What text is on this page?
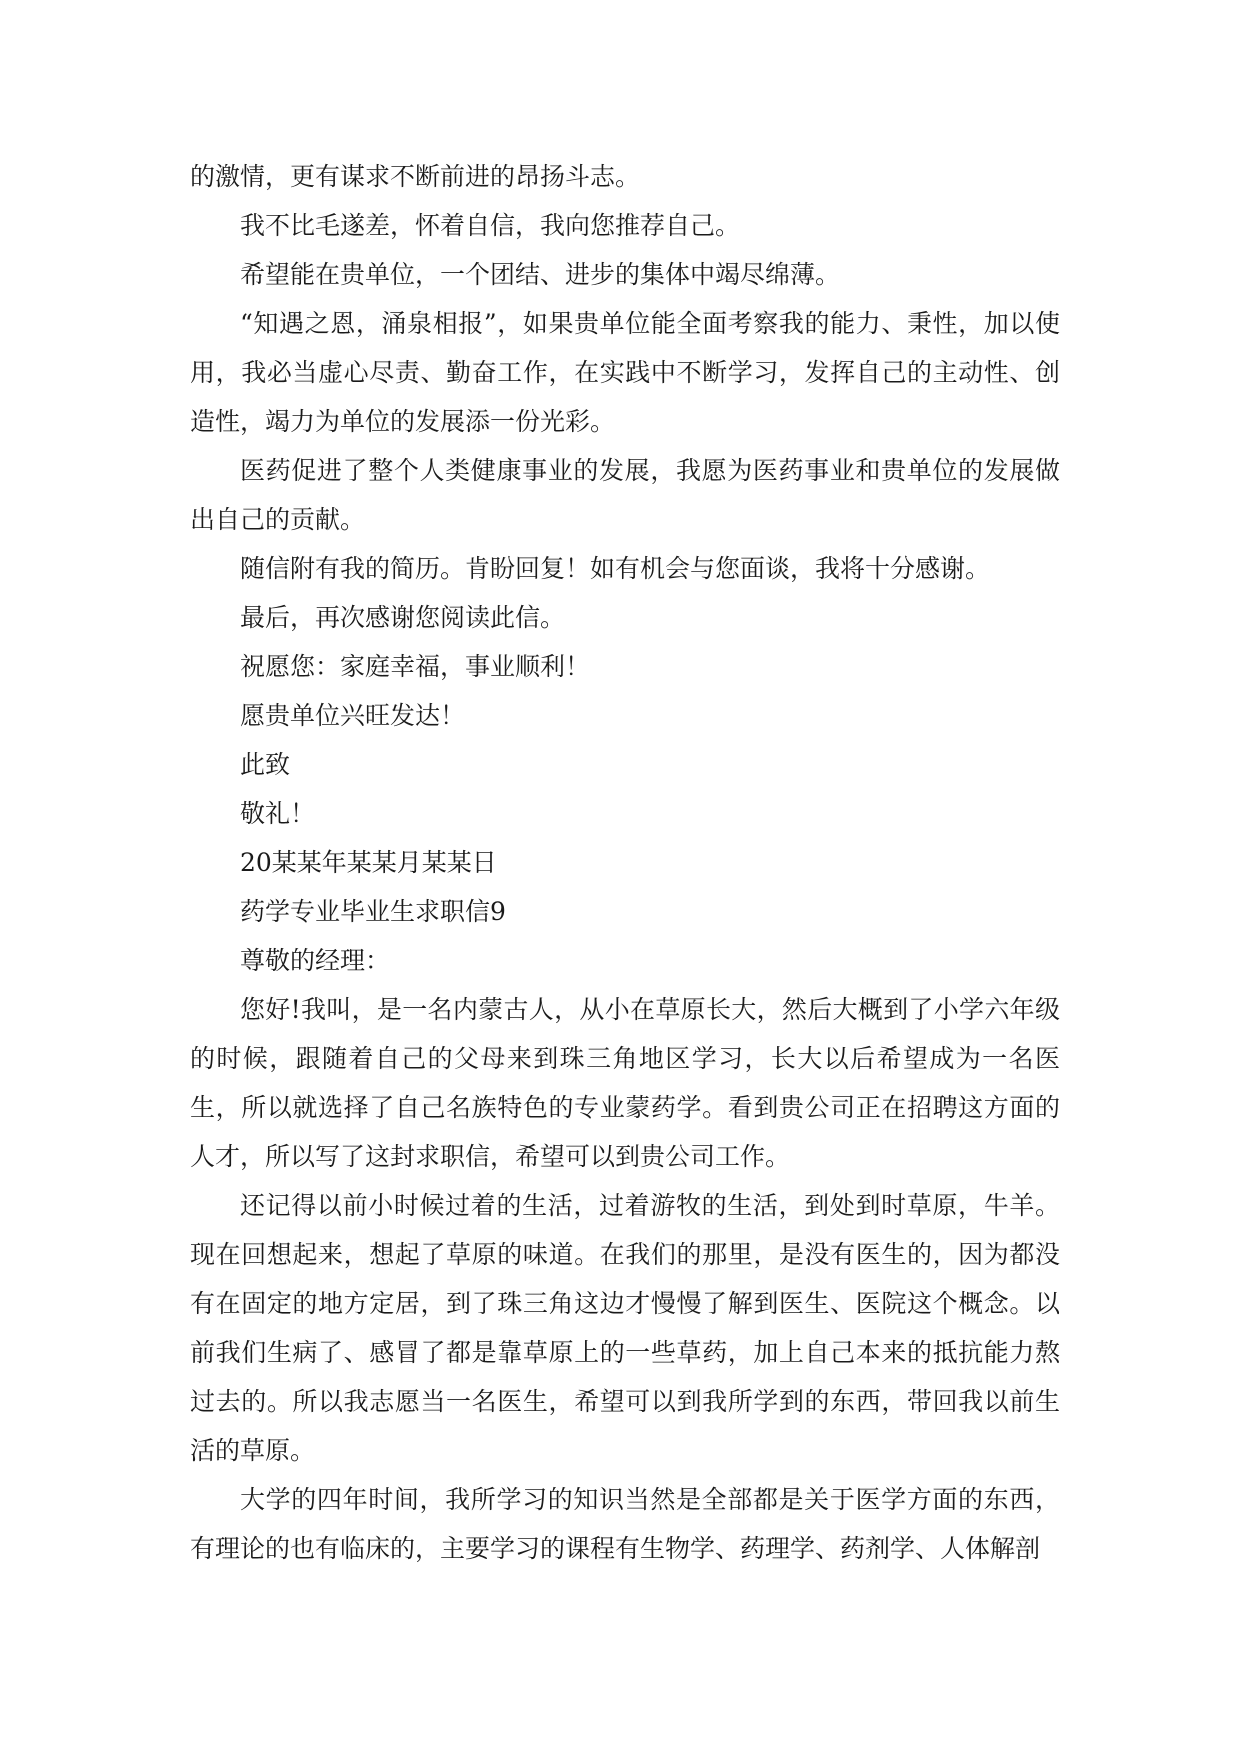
的激情，更有谋求不断前进的昂扬斗志。

我不比毛遂差，怀着自信，我向您推荐自己。

希望能在贵单位，一个团结、进步的集体中竭尽绵薄。

“知遇之恩，涌泉相报”，如果贵单位能全面考察我的能力、秉性，加以使用，我必当虚心尽责、勤奋工作，在实践中不断学习，发挥自己的主动性、创造性，竭力为单位的发展添一份光彩。

医药促进了整个人类健康事业的发展，我愿为医药事业和贵单位的发展做出自己的贡献。

随信附有我的简历。肯盼回复！如有机会与您面谈，我将十分感谢。

最后，再次感谢您阅读此信。

祝愿您：家庭幸福，事业顺利！

愿贵单位兴旺发达！

此致

敬礼！

20某某年某某月某某日

药学专业毕业生求职信9

尊敬的经理：

您好!我叫，是一名内蒙古人，从小在草原长大，然后大概到了小学六年级的时候，跟随着自己的父母来到珠三角地区学习，长大以后希望成为一名医生，所以就选择了自己名族特色的专业蒙药学。看到贵公司正在招聘这方面的人才，所以写了这封求职信，希望可以到贵公司工作。

还记得以前小时候过着的生活，过着游牧的生活，到处到时草原，牛羊。现在回想起来，想起了草原的味道。在我们的那里，是没有医生的，因为都没有在固定的地方定居，到了珠三角这边才慢慢了解到医生、医院这个概念。以前我们生病了、感冒了都是靠草原上的一些草药，加上自己本来的抵抗能力熬过去的。所以我志愿当一名医生，希望可以到我所学到的东西，带回我以前生活的草原。

大学的四年时间，我所学习的知识当然是全部都是关于医学方面的东西，有理论的也有临床的，主要学习的课程有生物学、药理学、药剂学、人体解剖
